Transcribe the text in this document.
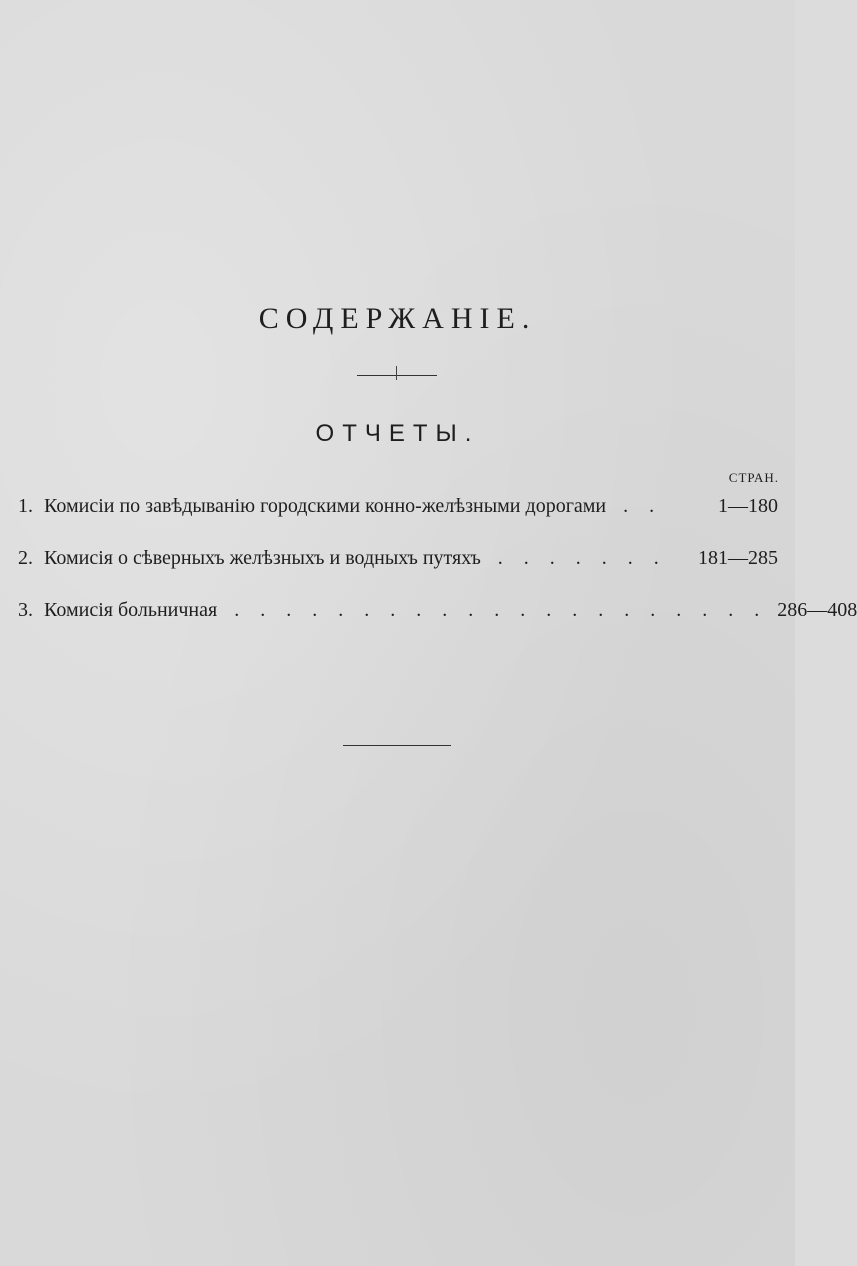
СОДЕРЖАНІЕ.
ОТЧЕТЫ.
СТРАН.
1. Комисіи по завѣдыванію городскими конно-желѣзными дорогами . .	1—180
2. Комисія о сѣверныхъ желѣзныхъ и водныхъ путяхъ . . . . . . .	181—285
3. Комисія больничная . . . . . . . . . . . . . . . . . . . . . 286—408
